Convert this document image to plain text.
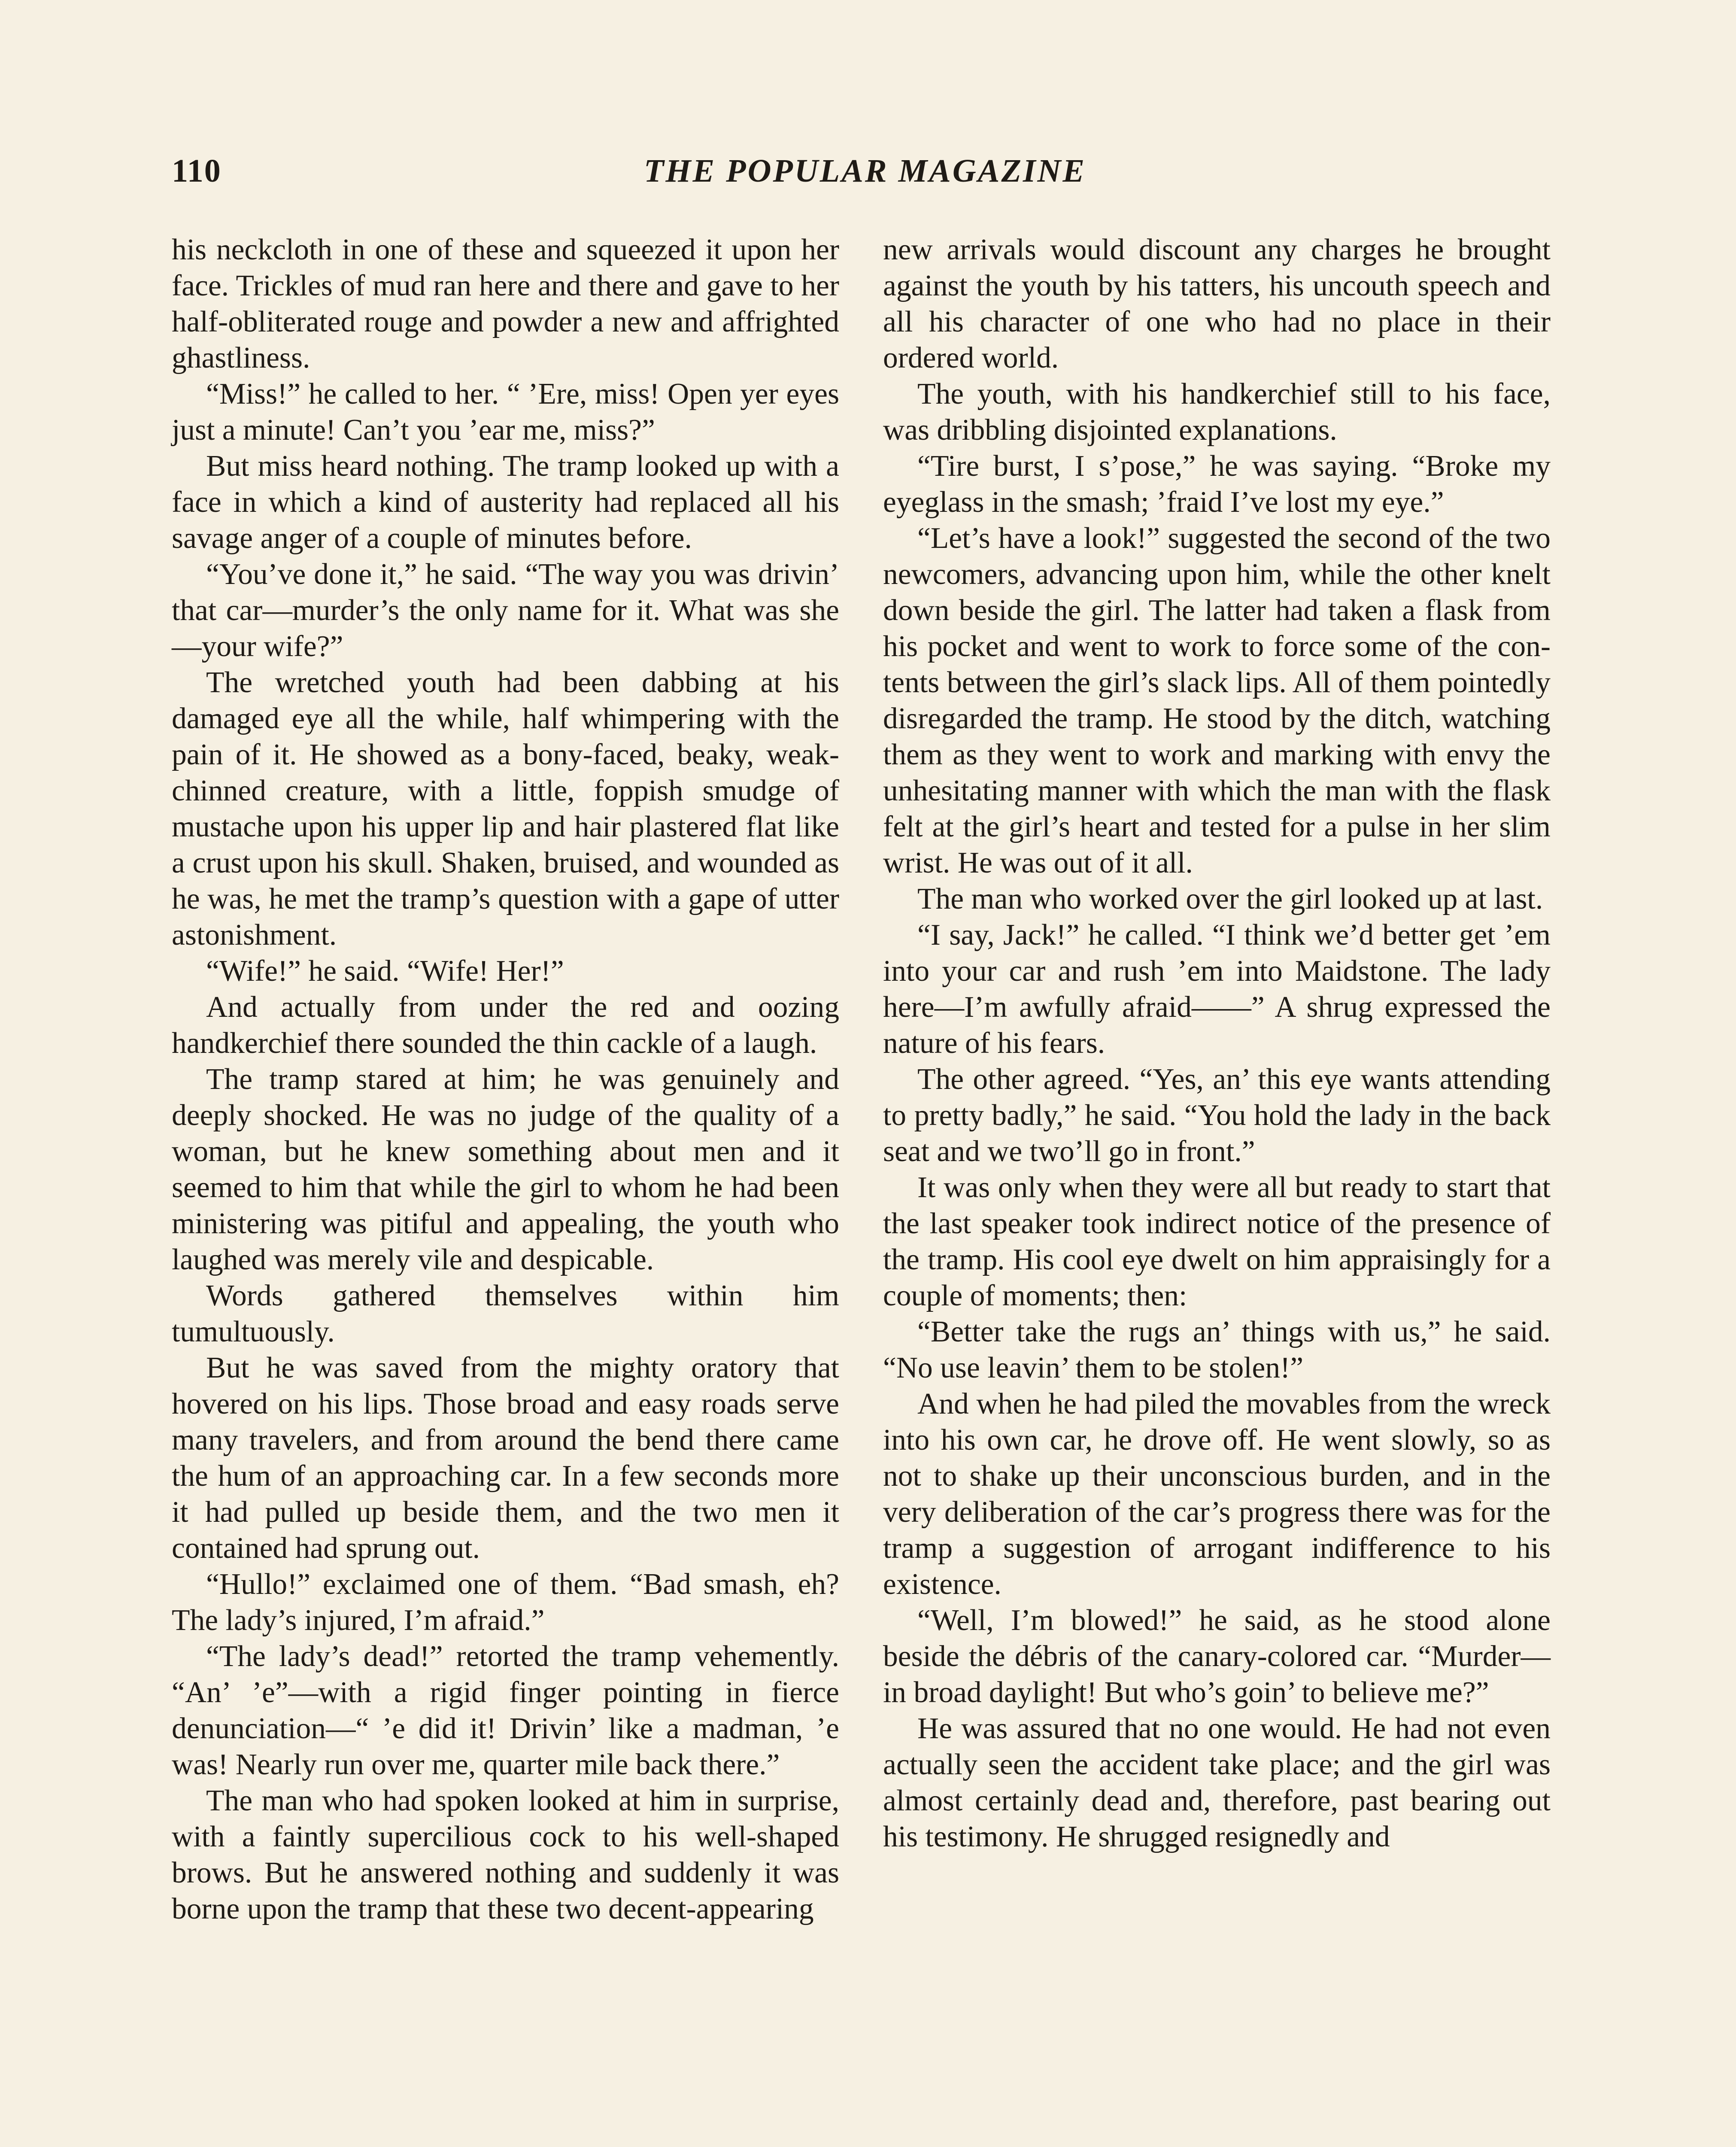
110	THE POPULAR MAGAZINE

his neckcloth in one of these and squeezed it upon her face. Trickles of mud ran here and there and gave to her half-obliterated rouge and powder a new and affrighted ghastliness.

“Miss!” he called to her. “ ’Ere, miss! Open yer eyes just a minute! Can’t you ’ear me, miss?”

But miss heard nothing. The tramp looked up with a face in which a kind of austerity had replaced all his savage anger of a couple of minutes before.

“You’ve done it,” he said. “The way you was drivin’ that car—murder’s the only name for it. What was she—your wife?”

The wretched youth had been dabbing at his damaged eye all the while, half whimpering with the pain of it. He showed as a bony-faced, beaky, weak-chinned creature, with a little, foppish smudge of mustache upon his upper lip and hair plastered flat like a crust upon his skull. Shaken, bruised, and wounded as he was, he met the tramp’s question with a gape of utter astonishment.

“Wife!” he said. “Wife! Her!”

And actually from under the red and oozing handkerchief there sounded the thin cackle of a laugh.

The tramp stared at him; he was genuinely and deeply shocked. He was no judge of the quality of a woman, but he knew something about men and it seemed to him that while the girl to whom he had been ministering was pitiful and appealing, the youth who laughed was merely vile and despicable.

Words gathered themselves within him tumultuously.

But he was saved from the mighty oratory that hovered on his lips. Those broad and easy roads serve many travelers, and from around the bend there came the hum of an approaching car. In a few seconds more it had pulled up beside them, and the two men it contained had sprung out.

“Hullo!” exclaimed one of them. “Bad smash, eh? The lady’s injured, I’m afraid.”

“The lady’s dead!” retorted the tramp vehemently. “An’ ’e”—with a rigid finger pointing in fierce denunciation—“ ’e did it! Drivin’ like a madman, ’e was! Nearly run over me, quarter mile back there.”

The man who had spoken looked at him in surprise, with a faintly supercilious cock to his well-shaped brows. But he answered nothing and suddenly it was borne upon the tramp that these two decent-appearing

new arrivals would discount any charges he brought against the youth by his tatters, his uncouth speech and all his character of one who had no place in their ordered world.

The youth, with his handkerchief still to his face, was dribbling disjointed explanations.

“Tire burst, I s’pose,” he was saying. “Broke my eyeglass in the smash; ’fraid I’ve lost my eye.”

“Let’s have a look!” suggested the second of the two newcomers, advancing upon him, while the other knelt down beside the girl. The latter had taken a flask from his pocket and went to work to force some of the contents between the girl’s slack lips. All of them pointedly disregarded the tramp. He stood by the ditch, watching them as they went to work and marking with envy the unhesitating manner with which the man with the flask felt at the girl’s heart and tested for a pulse in her slim wrist. He was out of it all.

The man who worked over the girl looked up at last.

“I say, Jack!” he called. “I think we’d better get ’em into your car and rush ’em into Maidstone. The lady here—I’m awfully afraid——” A shrug expressed the nature of his fears.

The other agreed. “Yes, an’ this eye wants attending to pretty badly,” he said. “You hold the lady in the back seat and we two’ll go in front.”

It was only when they were all but ready to start that the last speaker took indirect notice of the presence of the tramp. His cool eye dwelt on him appraisingly for a couple of moments; then:

“Better take the rugs an’ things with us,” he said. “No use leavin’ them to be stolen!”

And when he had piled the movables from the wreck into his own car, he drove off. He went slowly, so as not to shake up their unconscious burden, and in the very deliberation of the car’s progress there was for the tramp a suggestion of arrogant indifference to his existence.

“Well, I’m blowed!” he said, as he stood alone beside the débris of the canary-colored car. “Murder—in broad daylight! But who’s goin’ to believe me?”

He was assured that no one would. He had not even actually seen the accident take place; and the girl was almost certainly dead and, therefore, past bearing out his testimony. He shrugged resignedly and
